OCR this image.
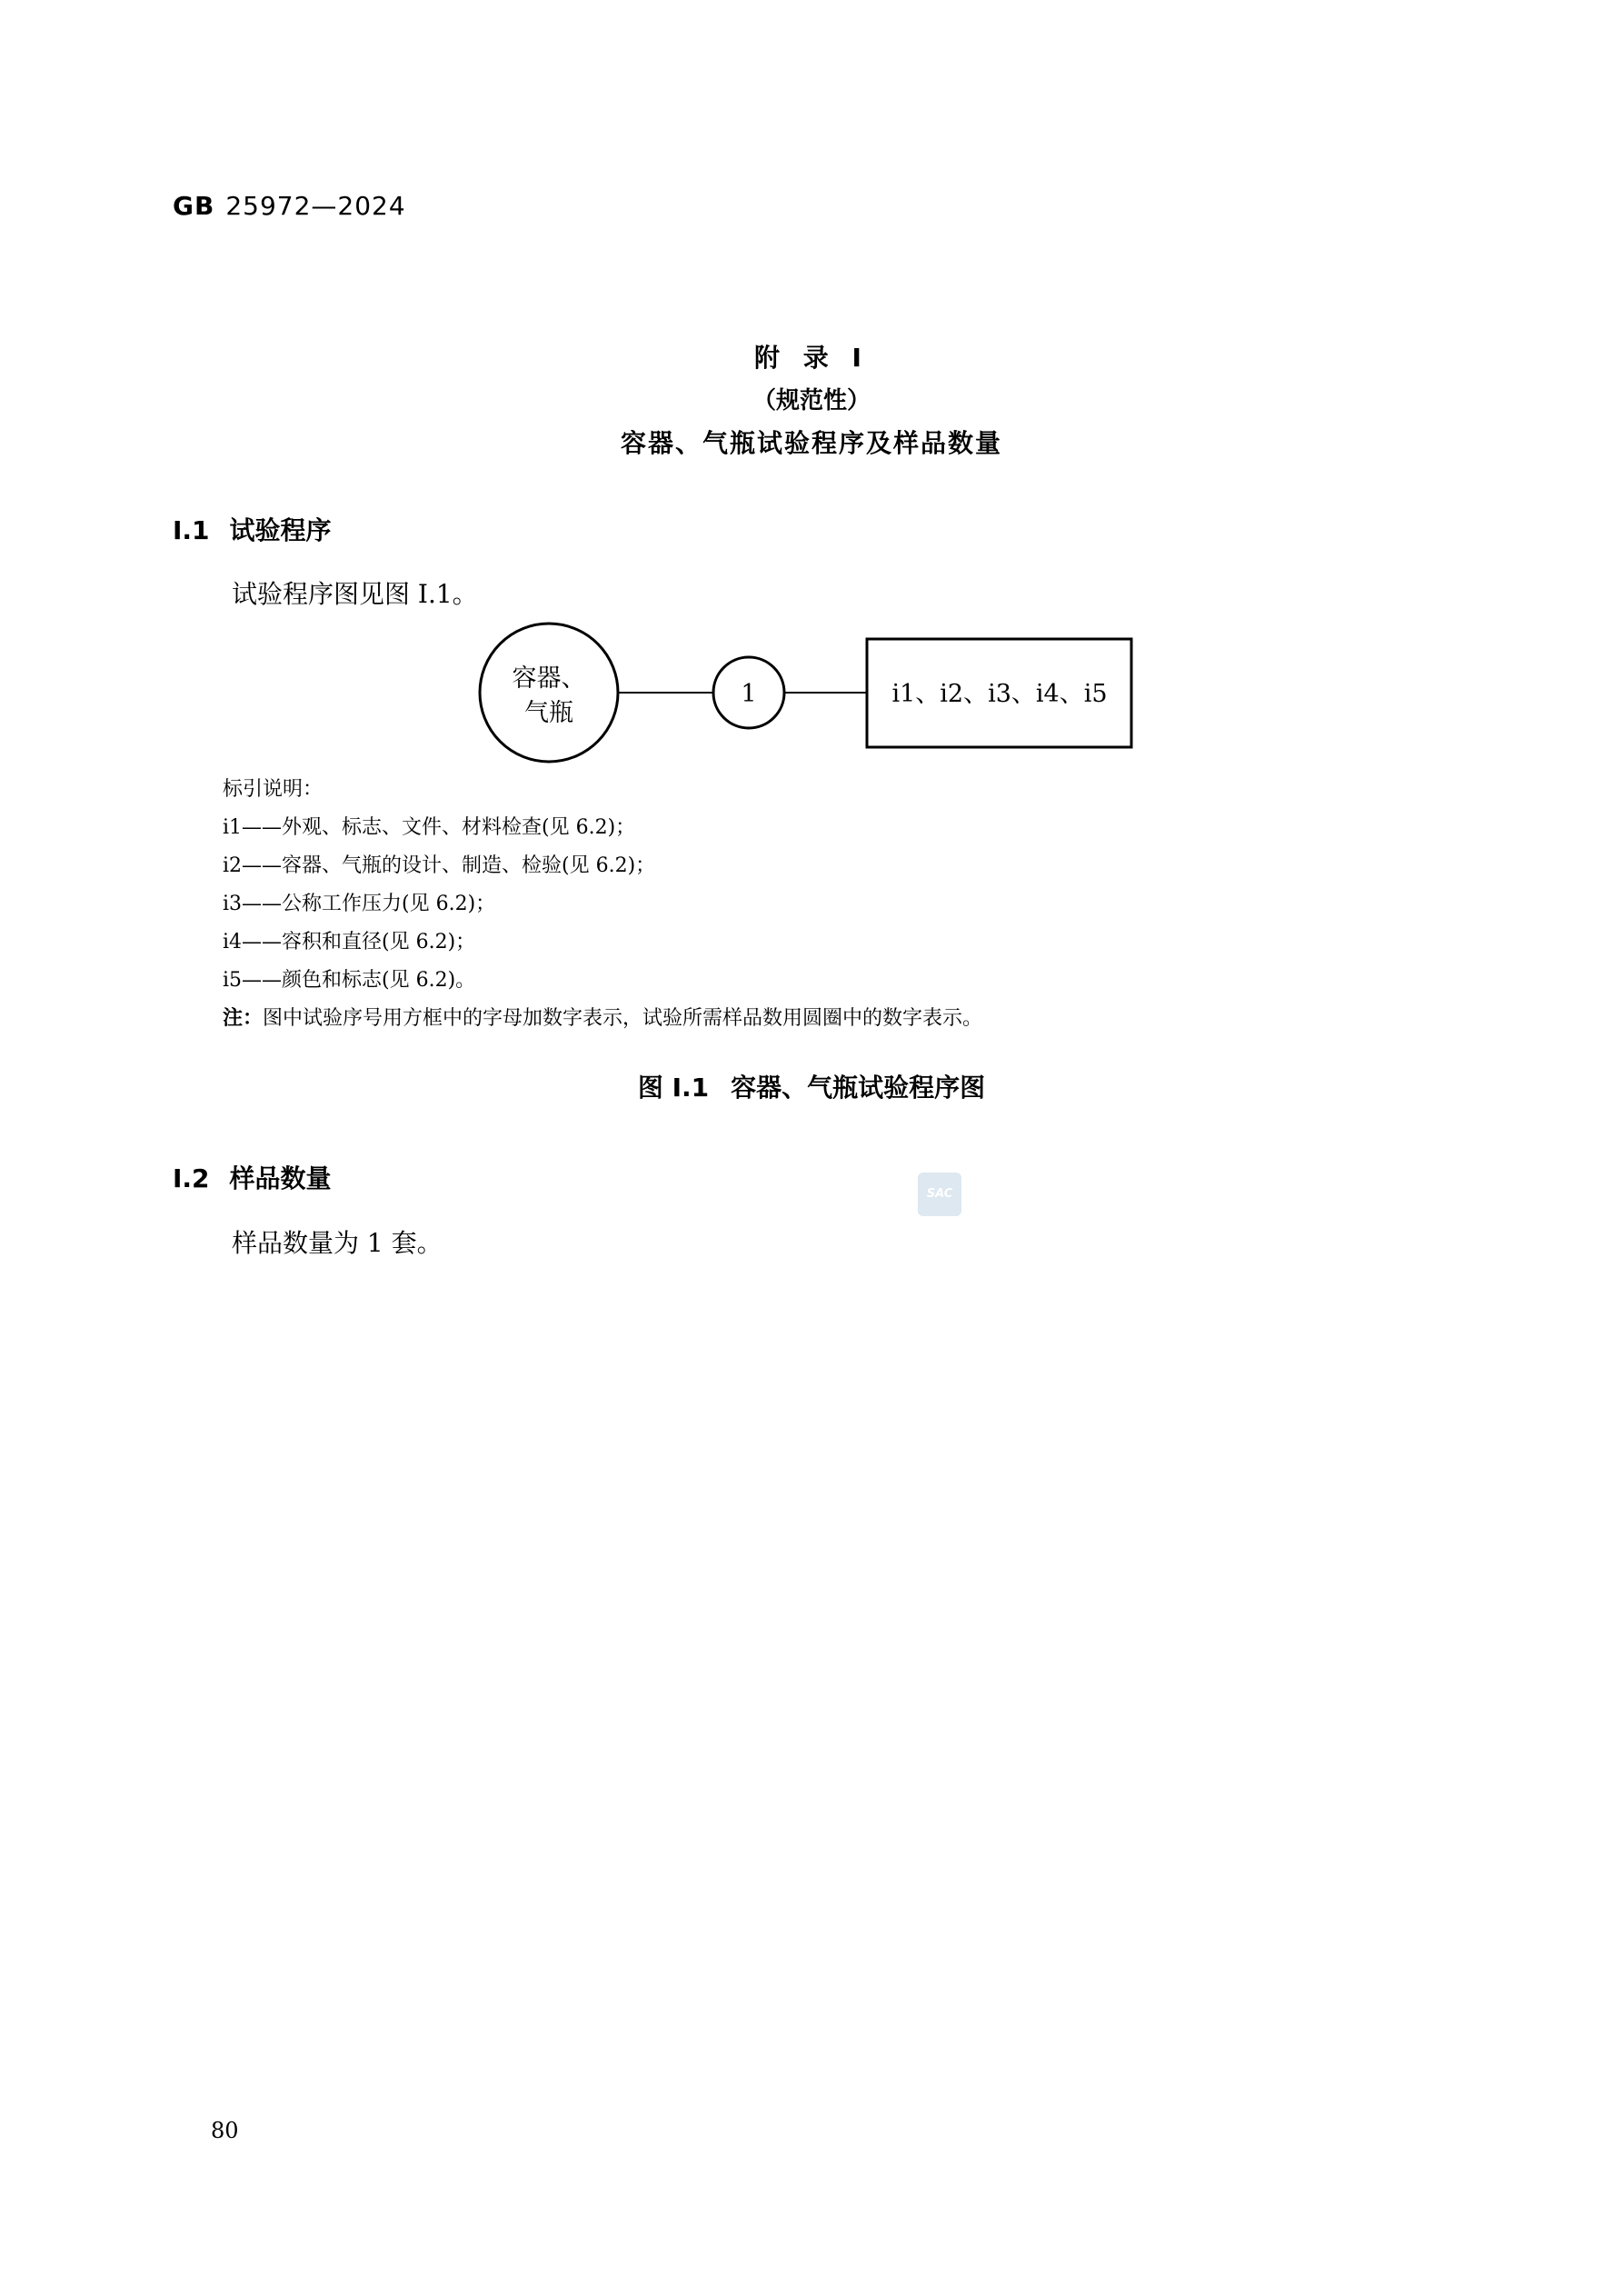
GB 25972—2024
附 录 I
（规范性）
容器、气瓶试验程序及样品数量
I.1 试验程序
试验程序图见图 I.1。
容器、
气瓶
1	i1、i2、i3、i4、i5
标引说明：
i1——外观、标志、文件、材料检查(见 6.2)；
i2——容器、气瓶的设计、制造、检验(见 6.2)；
i3——公称工作压力(见 6.2)；
i4——容积和直径(见 6.2)；
i5——颜色和标志(见 6.2)。
注：图中试验序号用方框中的字母加数字表示，试验所需样品数用圆圈中的数字表示。
图 I.1 容器、气瓶试验程序图
I.2 样品数量
样品数量为 1 套。
SAC
80
